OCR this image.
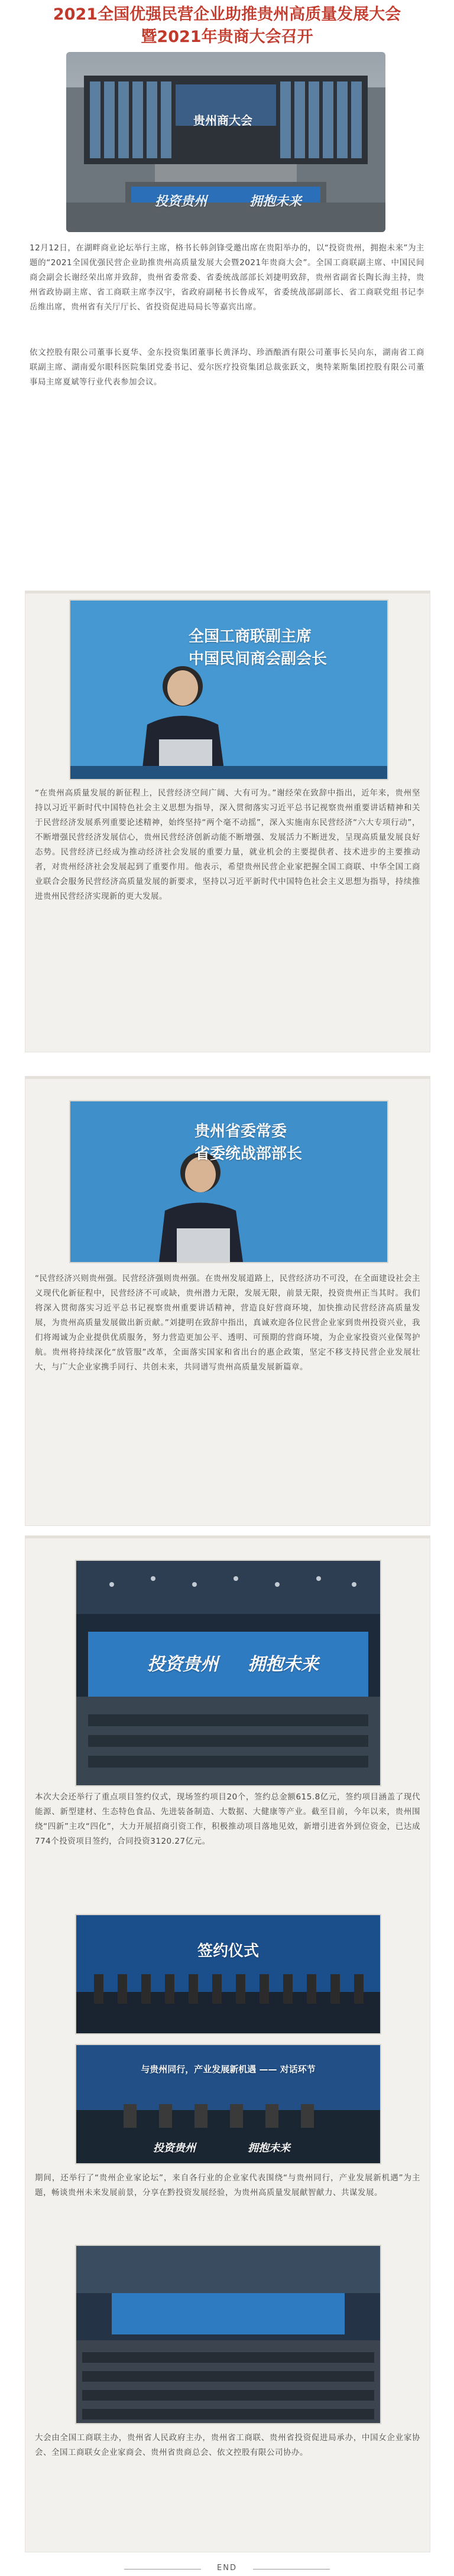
2021全国优强民营企业助推贵州高质量发展大会
暨2021年贵商大会召开
贵州商大会
投资贵州	拥抱未来
12月12日，在湖畔商业论坛举行主席，格书长韩剑锋受邀出席在贵阳举办的，以“投资贵州，拥抱未来”为主题的“2021全国优强民营企业助推贵州高质量发展大会暨2021年贵商大会”。全国工商联副主席、中国民间商会副会长谢经荣出席并致辞，贵州省委常委、省委统战部部长刘捷明致辞，贵州省副省长陶长海主持，贵州省政协副主席、省工商联主席李汉宇，省政府副秘书长鲁成军，省委统战部副部长、省工商联党组书记李岳维出席，贵州省有关厅厅长、省投资促进局局长等嘉宾出席。
依文控股有限公司董事长夏华、金东投资集团董事长黄泽均、珍酒酿酒有限公司董事长吴向东，湖南省工商联副主席、湖南爱尔眼科医院集团党委书记、爱尔医疗投资集团总裁张跃文，奥特莱斯集团控股有限公司董事局主席夏斌等行业代表参加会议。
全国工商联副主席
中国民间商会副会长
“在贵州高质量发展的新征程上，民营经济空间广阔、大有可为。”谢经荣在致辞中指出，近年来，贵州坚持以习近平新时代中国特色社会主义思想为指导，深入贯彻落实习近平总书记视察贵州重要讲话精神和关于民营经济发展系列重要论述精神，始终坚持“两个毫不动摇”，深入实施南东民营经济“六大专项行动”，不断增强民营经济发展信心，贵州民营经济创新动能不断增强、发展活力不断迸发，呈现高质量发展良好态势。民营经济已经成为推动经济社会发展的重要力量，就业机会的主要提供者、技术进步的主要推动者，对贵州经济社会发展起到了重要作用。他表示，希望贵州民营企业家把握全国工商联、中华全国工商业联合会服务民营经济高质量发展的新要求，坚持以习近平新时代中国特色社会主义思想为指导，持续推进贵州民营经济实现新的更大发展。
贵州省委常委
省委统战部部长
“民营经济兴则贵州强。民营经济强则贵州强。在贵州发展道路上，民营经济功不可没，在全面建设社会主义现代化新征程中，民营经济不可或缺，贵州潜力无限，发展无限，前景无限，投资贵州正当其时。我们将深入贯彻落实习近平总书记视察贵州重要讲话精神，营造良好营商环境，加快推动民营经济高质量发展，为贵州高质量发展做出新贡献。”刘捷明在致辞中指出，真诚欢迎各位民营企业家到贵州投资兴业，我们将竭诚为企业提供优质服务，努力营造更加公平、透明、可预期的营商环境，为企业家投资兴业保驾护航。贵州将持续深化“放管服”改革，全面落实国家和省出台的惠企政策，坚定不移支持民营企业发展壮大，与广大企业家携手同行、共创未来，共同谱写贵州高质量发展新篇章。
投资贵州 拥抱未来
本次大会还举行了重点项目签约仪式，现场签约项目20个，签约总金额615.8亿元，签约项目涵盖了现代能源、新型建材、生态特色食品、先进装备制造、大数据、大健康等产业。截至目前，今年以来，贵州围绕“四新”主攻“四化”，大力开展招商引资工作，积极推动项目落地见效，新增引进省外到位资金，已达成774个投资项目签约，合同投资3120.27亿元。
签约仪式
与贵州同行，产业发展新机遇 —— 对话环节
投资贵州	拥抱未来
期间，还举行了“贵州企业家论坛”，来自各行业的企业家代表围绕“与贵州同行，产业发展新机遇”为主题，畅谈贵州未来发展前景，分享在黔投资发展经验，为贵州高质量发展献智献力、共谋发展。
大会由全国工商联主办，贵州省人民政府主办，贵州省工商联、贵州省投资促进局承办，中国女企业家协会、全国工商联女企业家商会、贵州省贵商总会、依文控股有限公司协办。
END
